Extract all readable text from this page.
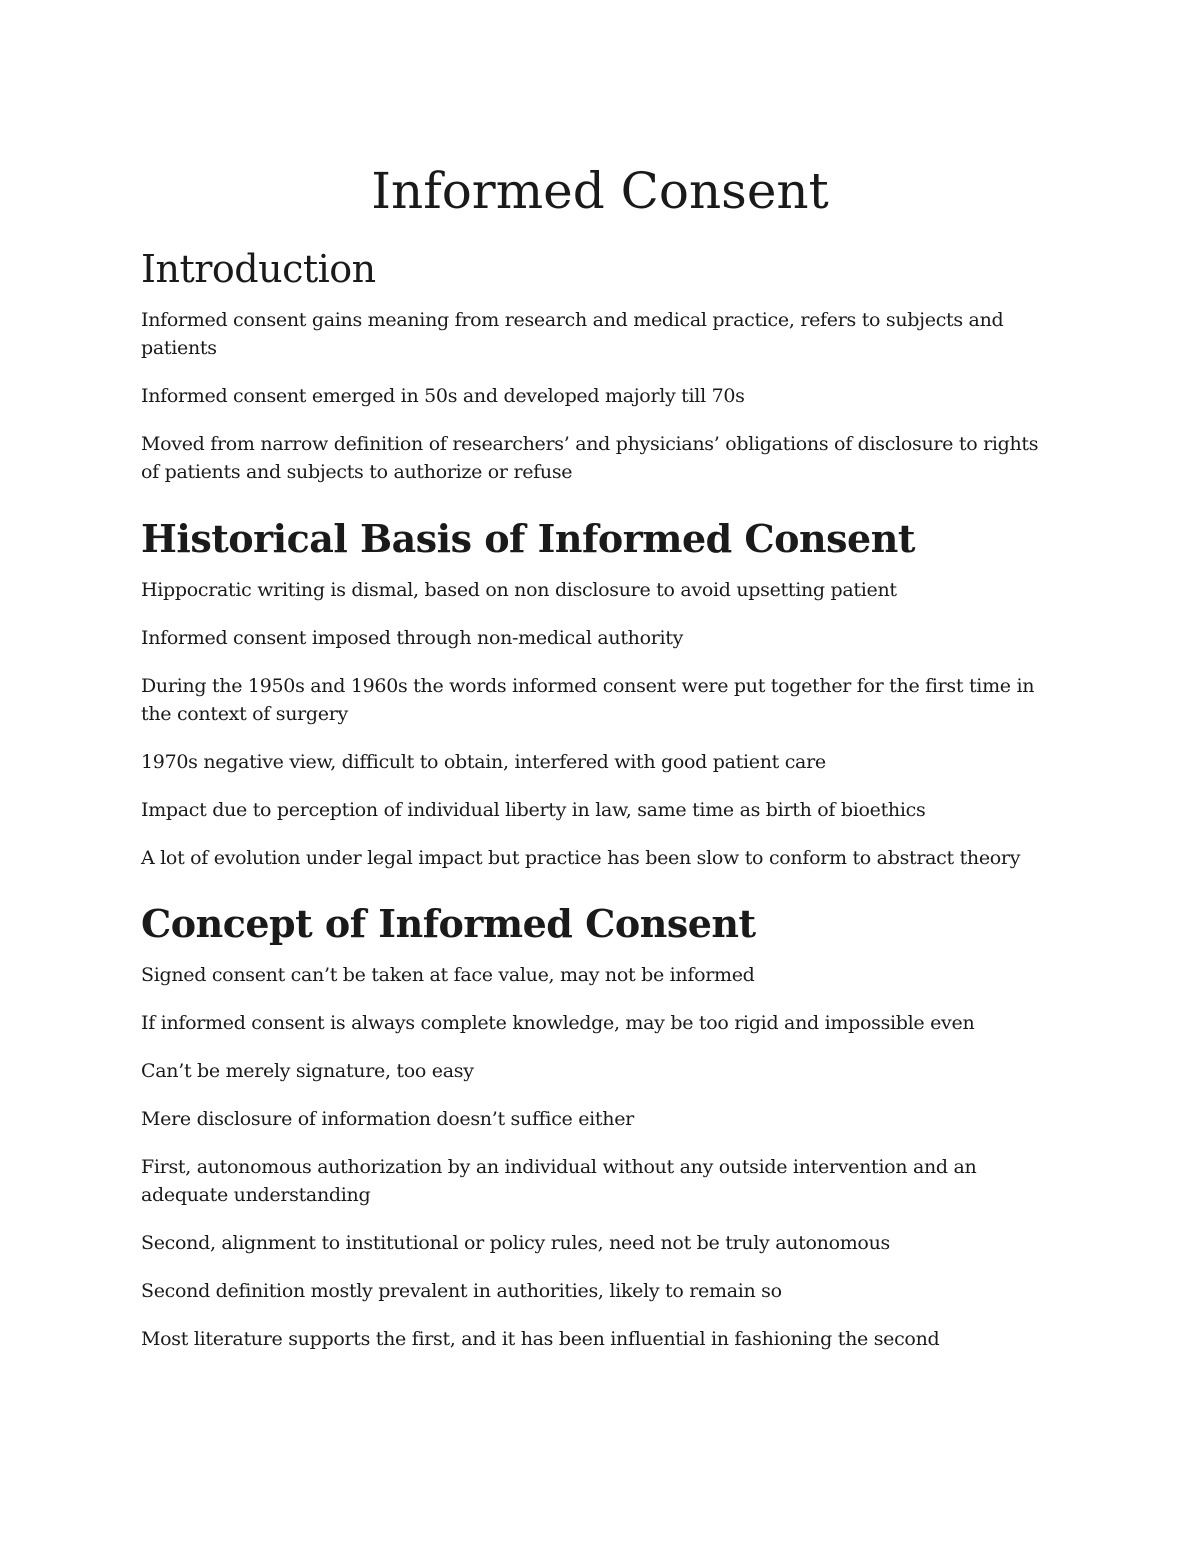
Informed Consent
Introduction

Informed consent gains meaning from research and medical practice, refers to subjects and patients

Informed consent emerged in 50s and developed majorly till 70s

Moved from narrow definition of researchers’ and physicians’ obligations of disclosure to rights of patients and subjects to authorize or refuse

Historical Basis of Informed Consent

Hippocratic writing is dismal, based on non disclosure to avoid upsetting patient

Informed consent imposed through non-medical authority

During the 1950s and 1960s the words informed consent were put together for the first time in the context of surgery

1970s negative view, difficult to obtain, interfered with good patient care

Impact due to perception of individual liberty in law, same time as birth of bioethics

A lot of evolution under legal impact but practice has been slow to conform to abstract theory

Concept of Informed Consent

Signed consent can’t be taken at face value, may not be informed

If informed consent is always complete knowledge, may be too rigid and impossible even

Can’t be merely signature, too easy

Mere disclosure of information doesn’t suffice either

First, autonomous authorization by an individual without any outside intervention and an adequate understanding

Second, alignment to institutional or policy rules, need not be truly autonomous

Second definition mostly prevalent in authorities, likely to remain so

Most literature supports the first, and it has been influential in fashioning the second
